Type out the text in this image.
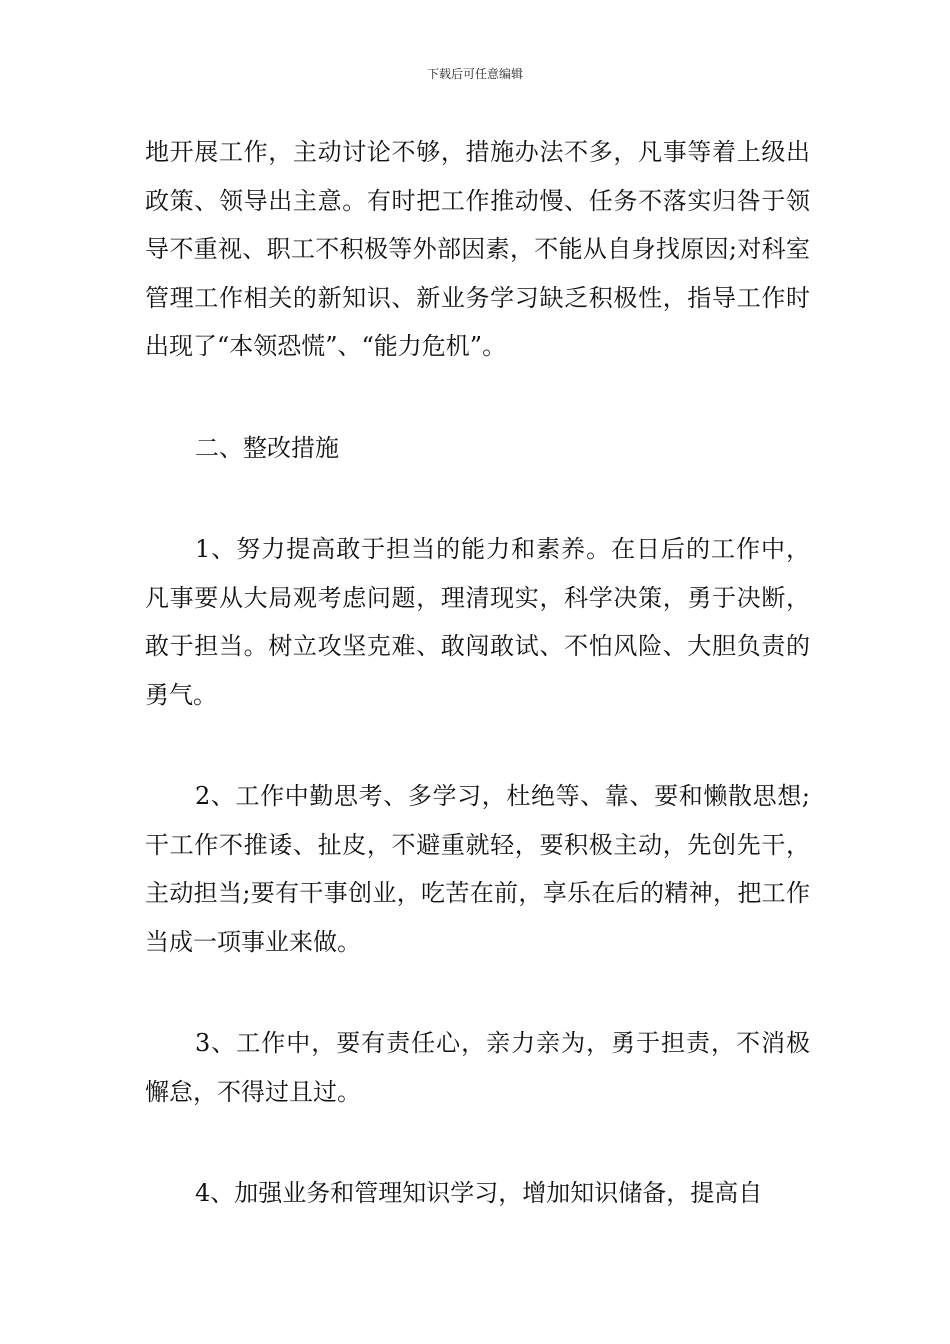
下载后可任意编辑

地开展工作，主动讨论不够，措施办法不多，凡事等着上级出政策、领导出主意。有时把工作推动慢、任务不落实归咎于领导不重视、职工不积极等外部因素，不能从自身找原因;对科室管理工作相关的新知识、新业务学习缺乏积极性，指导工作时出现了“本领恐慌”、“能力危机”。

二、整改措施

1、努力提高敢于担当的能力和素养。在日后的工作中，凡事要从大局观考虑问题，理清现实，科学决策，勇于决断，敢于担当。树立攻坚克难、敢闯敢试、不怕风险、大胆负责的勇气。

2、工作中勤思考、多学习，杜绝等、靠、要和懒散思想;干工作不推诿、扯皮，不避重就轻，要积极主动，先创先干，主动担当;要有干事创业，吃苦在前，享乐在后的精神，把工作当成一项事业来做。

3、工作中，要有责任心，亲力亲为，勇于担责，不消极懈怠，不得过且过。

4、加强业务和管理知识学习，增加知识储备，提高自
